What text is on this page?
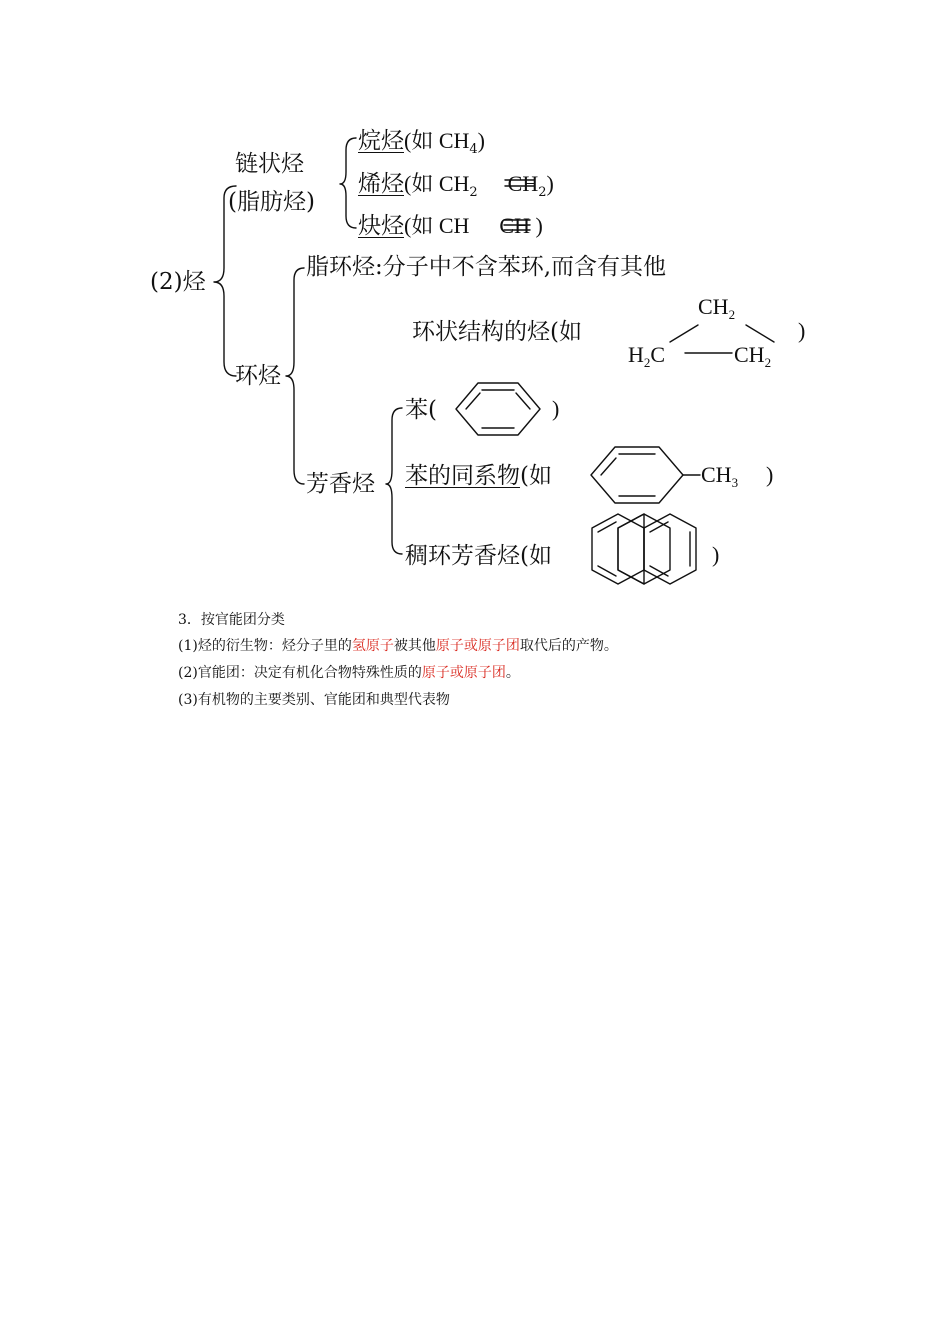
(2)烃
链状烃
(脂肪烃)
烷烃(如 $CH_4$)
烯烃(如 $CH_2$ $CH_2$)
炔烃(如 CH CH )
环烃
脂环烃:分子中不含苯环,而含有其他
环状结构的烃(如
$CH_2$
$H_2C$	$CH_2$
)
芳香烃
苯(	)
苯的同系物(如	$CH_3$ )
稠环芳香烃(如	)
3．按官能团分类
(1)烃的衍生物：烃分子里的氢原子被其他原子或原子团取代后的产物。
(2)官能团：决定有机化合物特殊性质的原子或原子团。
(3)有机物的主要类别、官能团和典型代表物
